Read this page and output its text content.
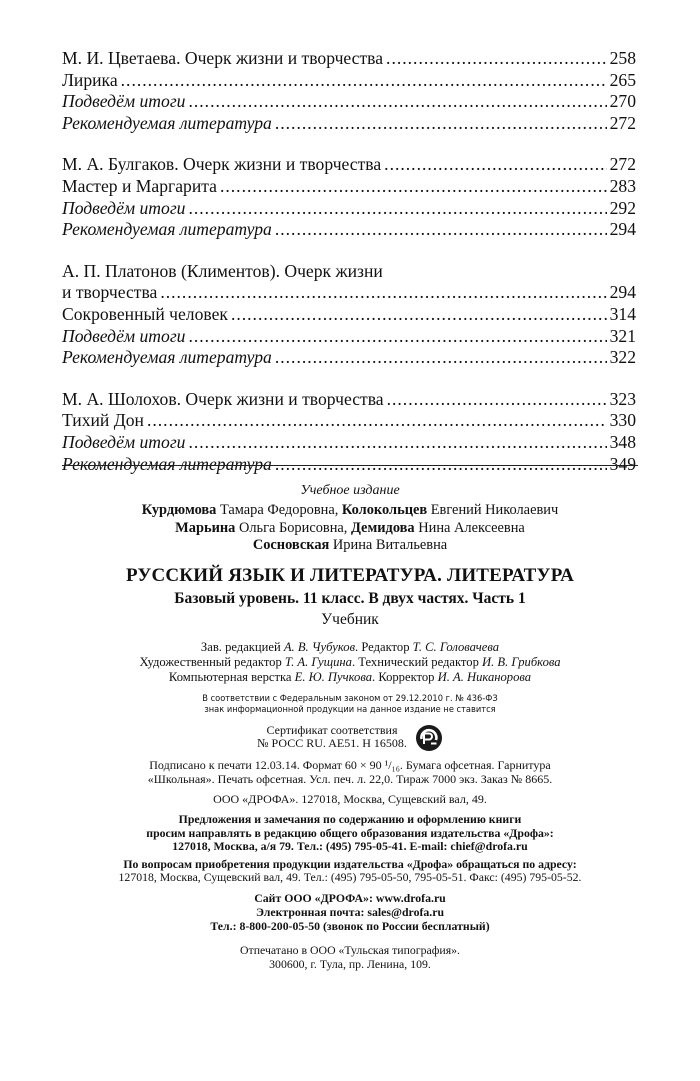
М. И. Цветаева. Очерк жизни и творчества .....	258
Лирика .....	265
Подведём итоги .....	270
Рекомендуемая литература .....	272
М. А. Булгаков. Очерк жизни и творчества .....	272
Мастер и Маргарита .....	283
Подведём итоги .....	292
Рекомендуемая литература .....	294
А. П. Платонов (Климентов). Очерк жизни
и творчества .....	294
Сокровенный человек .....	314
Подведём итоги .....	321
Рекомендуемая литература .....	322
М. А. Шолохов. Очерк жизни и творчества .....	323
Тихий Дон .....	330
Подведём итоги .....	348
Рекомендуемая литература .....	349
Учебное издание
Курдюмова Тамара Федоровна, Колокольцев Евгений Николаевич
Марьина Ольга Борисовна, Демидова Нина Алексеевна
Сосновская Ирина Витальевна
РУССКИЙ ЯЗЫК И ЛИТЕРАТУРА. ЛИТЕРАТУРА
Базовый уровень. 11 класс. В двух частях. Часть 1
Учебник
Зав. редакцией А. В. Чубуков. Редактор Т. С. Головачева
Художественный редактор Т. А. Гущина. Технический редактор И. В. Грибкова
Компьютерная верстка Е. Ю. Пучкова. Корректор И. А. Никанорова
В соответствии с Федеральным законом от 29.12.2010 г. № 436-ФЗ
знак информационной продукции на данное издание не ставится
Сертификат соответствия
№ РОСС RU. AE51. H 16508.
Подписано к печати 12.03.14. Формат 60 × 90 ¹/₁₆. Бумага офсетная. Гарнитура
«Школьная». Печать офсетная. Усл. печ. л. 22,0. Тираж 7000 экз. Заказ № 8665.
ООО «ДРОФА». 127018, Москва, Сущевский вал, 49.
Предложения и замечания по содержанию и оформлению книги
просим направлять в редакцию общего образования издательства «Дрофа»:
127018, Москва, а/я 79. Тел.: (495) 795-05-41. E-mail: chief@drofa.ru
По вопросам приобретения продукции издательства «Дрофа» обращаться по адресу:
127018, Москва, Сущевский вал, 49. Тел.: (495) 795-05-50, 795-05-51. Факс: (495) 795-05-52.
Сайт ООО «ДРОФА»: www.drofa.ru
Электронная почта: sales@drofa.ru
Тел.: 8-800-200-05-50 (звонок по России бесплатный)
Отпечатано в ООО «Тульская типография».
300600, г. Тула, пр. Ленина, 109.
